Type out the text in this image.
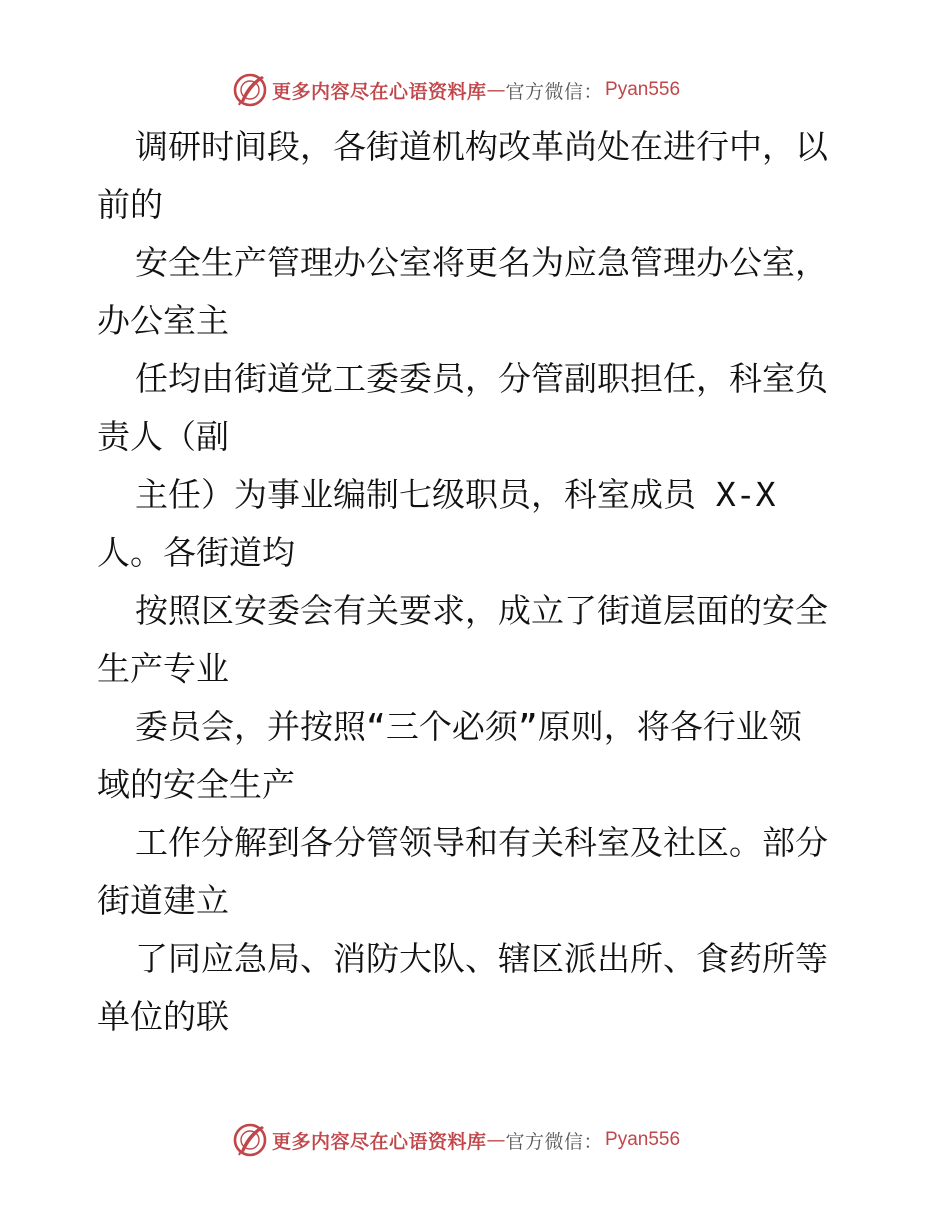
更多内容尽在心语资料库 — 官方微信： Pyan556
调研时间段，各街道机构改革尚处在进行中，以
前的
安全生产管理办公室将更名为应急管理办公室，
办公室主
任均由街道党工委委员，分管副职担任，科室负
责人（副
主任）为事业编制七级职员，科室成员 X-X
人。各街道均
按照区安委会有关要求，成立了街道层面的安全
生产专业
委员会，并按照“三个必须”原则，将各行业领
域的安全生产
工作分解到各分管领导和有关科室及社区。部分
街道建立
了同应急局、消防大队、辖区派出所、食药所等
单位的联
更多内容尽在心语资料库 — 官方微信： Pyan556
